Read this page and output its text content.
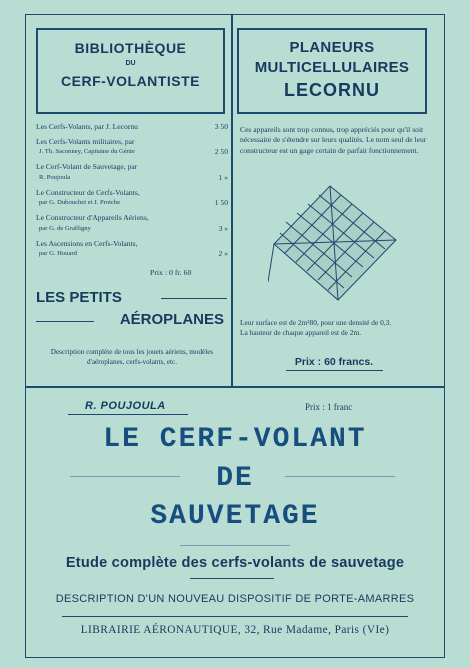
BIBLIOTHÈQUE
DU
CERF-VOLANTISTE
Les Cerfs-Volants, par J. Lecornu	3 50
Les Cerfs-Volants militaires, par
J. Th. Saconney, Capitaine du Génie	2 50
Le Cerf-Volant de Sauvetage, par
R. Poujoula	1 »
Le Constructeur de Cerfs-Volants,
par G. Dubouchet et J. Protche	1 50
Le Constructeur d'Appareils Aériens,
par G. de Graffigny	3 »
Les Ascensions en Cerfs-Volants,
par G. Houard	2 »
Prix : 0 fr. 60
LES PETITS
AÉROPLANES
Description complète de tous les jouets aériens, modèles d'aéroplanes, cerfs-volants, etc.
PLANEURS
MULTICELLULAIRES
LECORNU
Ces appareils sont trop connus, trop appréciés pour qu'il soit nécessaire de s'étendre sur leurs qualités. Le nom seul de leur constructeur est un gage certain de parfait fonctionnement.
Leur surface est de 2m²80, pour une densité de 0,3.
La hauteur de chaque appareil est de 2m.
Prix : 60 francs.
R. POUJOULA	Prix : 1 franc
LE CERF-VOLANT
DE
SAUVETAGE
Etude complète des cerfs-volants de sauvetage
DESCRIPTION D'UN NOUVEAU DISPOSITIF DE PORTE-AMARRES
LIBRAIRIE AÉRONAUTIQUE, 32, Rue Madame, Paris (VIe)
